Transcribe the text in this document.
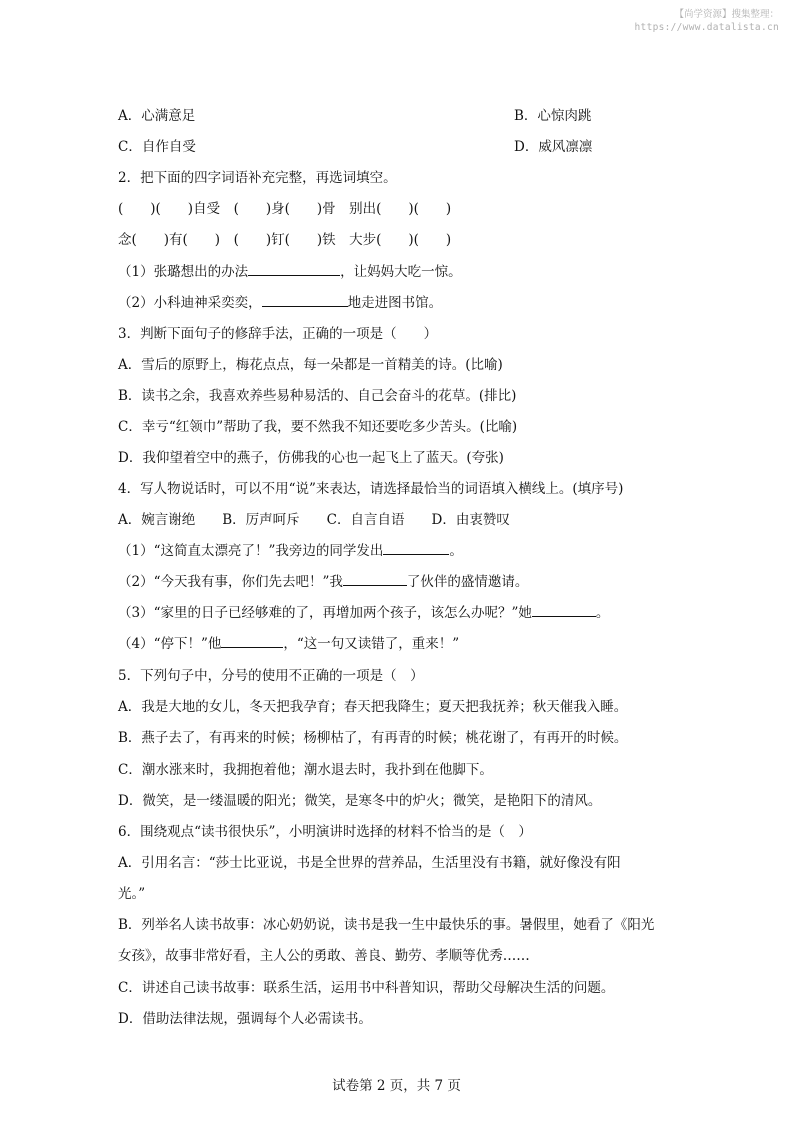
【尚学资源】搜集整理：
https://www.datalista.cn
A．心满意足	B．心惊肉跳
C．自作自受	D．威风凛凛
2．把下面的四字词语补充完整，再选词填空。
(　　)(　　)自受　(　　)身(　　)骨　别出(　　)(　　)
念(　　)有(　　)　(　　)钉(　　)铁　大步(　　)(　　)
（1）张璐想出的办法	，让妈妈大吃一惊。
（2）小科迪神采奕奕，	地走进图书馆。
3．判断下面句子的修辞手法，正确的一项是（　　）
A．雪后的原野上，梅花点点，每一朵都是一首精美的诗。(比喻)
B．读书之余，我喜欢养些易种易活的、自己会奋斗的花草。(排比)
C．幸亏“红领巾”帮助了我，要不然我不知还要吃多少苦头。(比喻)
D．我仰望着空中的燕子，仿佛我的心也一起飞上了蓝天。(夸张)
4．写人物说话时，可以不用“说”来表达，请选择最恰当的词语填入横线上。(填序号)
A．婉言谢绝　　B．厉声呵斥　　C．自言自语　　D．由衷赞叹
（1）“这简直太漂亮了！”我旁边的同学发出	。
（2）“今天我有事，你们先去吧！”我	了伙伴的盛情邀请。
（3）“家里的日子已经够难的了，再增加两个孩子，该怎么办呢？”她	。
（4）“停下！”他	，“这一句又读错了，重来！”
5．下列句子中，分号的使用不正确的一项是（　）
A．我是大地的女儿，冬天把我孕育；春天把我降生；夏天把我抚养；秋天催我入睡。
B．燕子去了，有再来的时候；杨柳枯了，有再青的时候；桃花谢了，有再开的时候。
C．潮水涨来时，我拥抱着他；潮水退去时，我扑到在他脚下。
D．微笑，是一缕温暖的阳光；微笑，是寒冬中的炉火；微笑，是艳阳下的清风。
6．围绕观点“读书很快乐”，小明演讲时选择的材料不恰当的是（　）
A．引用名言：“莎士比亚说，书是全世界的营养品，生活里没有书籍，就好像没有阳
光。”
B．列举名人读书故事：冰心奶奶说，读书是我一生中最快乐的事。暑假里，她看了《阳光
女孩》，故事非常好看，主人公的勇敢、善良、勤劳、孝顺等优秀……
C．讲述自己读书故事：联系生活，运用书中科普知识，帮助父母解决生活的问题。
D．借助法律法规，强调每个人必需读书。
试卷第 2 页，共 7 页
